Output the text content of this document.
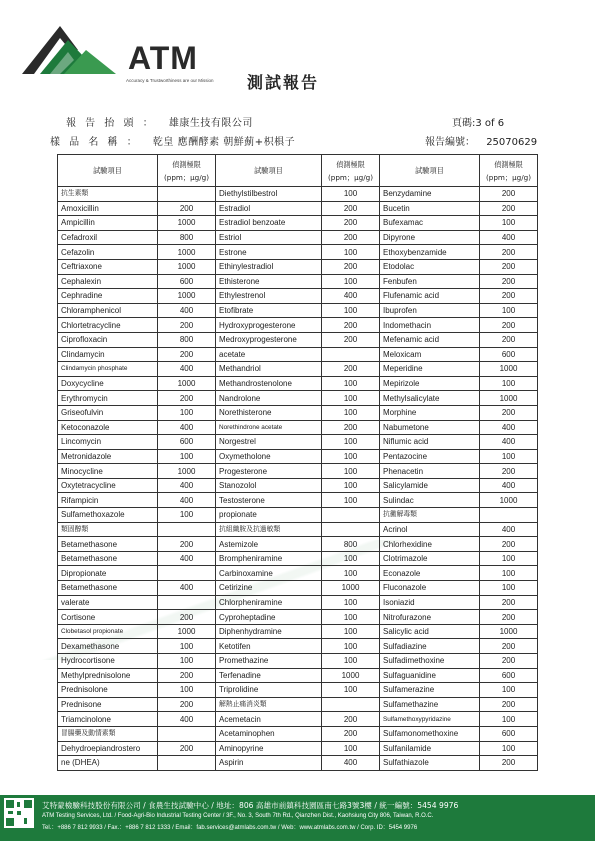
ATM
Accuracy & Trustworthiness are our Mission 測試報告
報 告 抬 頭 ： 雄康生技有限公司	頁碼:3 of 6
樣 品 名 稱 ： 乾皇 應酬酵素 朝鮮薊+枳椇子	報告編號： 25070629
試驗項目	偵測極限
(ppm；μg/g)	試驗項目	偵測極限
(ppm；μg/g)	試驗項目	偵測極限
(ppm；μg/g)
抗生素類		Diethylstilbestrol	100	Benzydamine	200
Amoxicillin	200	Estradiol	200	Bucetin	200
Ampicillin	1000	Estradiol benzoate	200	Bufexamac	100
Cefadroxil	800	Estriol	200	Dipyrone	400
Cefazolin	1000	Estrone	100	Ethoxybenzamide	200
Ceftriaxone	1000	Ethinylestradiol	200	Etodolac	200
Cephalexin	600	Ethisterone	100	Fenbufen	200
Cephradine	1000	Ethylestrenol	400	Flufenamic acid	200
Chloramphenicol	400	Etofibrate	100	Ibuprofen	100
Chlortetracycline	200	Hydroxyprogesterone	200	Indomethacin	200
Ciprofloxacin	800	Medroxyprogesterone	200	Mefenamic acid	200
Clindamycin	200	acetate		Meloxicam	600
Clindamycin phosphate	400	Methandriol	200	Meperidine	1000
Doxycycline	1000	Methandrostenolone	100	Mepirizole	100
Erythromycin	200	Nandrolone	100	Methylsalicylate	1000
Griseofulvin	100	Norethisterone	100	Morphine	200
Ketoconazole	400	Norethindrone acetate	200	Nabumetone	400
Lincomycin	600	Norgestrel	100	Niflumic acid	400
Metronidazole	100	Oxymetholone	100	Pentazocine	100
Minocycline	1000	Progesterone	100	Phenacetin	200
Oxytetracycline	400	Stanozolol	100	Salicylamide	400
Rifampicin	400	Testosterone	100	Sulindac	1000
Sulfamethoxazole	100	propionate		抗黴解毒類	
類固醇類		抗組織胺及抗過敏類		Acrinol	400
Betamethasone	200	Astemizole	800	Chlorhexidine	200
Betamethasone	400	Brompheniramine	100	Clotrimazole	100
Dipropionate		Carbinoxamine	100	Econazole	100
Betamethasone	400	Cetirizine	1000	Fluconazole	100
valerate		Chlorpheniramine	100	Isoniazid	200
Cortisone	200	Cyproheptadine	100	Nitrofurazone	200
Clobetasol propionate	1000	Diphenhydramine	100	Salicylic acid	1000
Dexamethasone	100	Ketotifen	100	Sulfadiazine	200
Hydrocortisone	100	Promethazine	100	Sulfadimethoxine	200
Methylprednisolone	200	Terfenadine	1000	Sulfaguanidine	600
Prednisolone	100	Triprolidine	100	Sulfamerazine	100
Prednisone	200	解熱止痛消炎類		Sulfamethazine	200
Triamcinolone	400	Acemetacin	200	Sulfamethoxypyridazine	100
冒腸藥及動情素類		Acetaminophen	200	Sulfamonomethoxine	600
Dehydroepiandrostero	200	Aminopyrine	100	Sulfanilamide	100
ne (DHEA)		Aspirin	400	Sulfathiazole	200
艾特蒙檢驗科技股份有限公司 / 食農生技試驗中心 / 地址：806 高雄市前鎮科技園區南七路3號3樓 / 統一編號：5454 9976
ATM Testing Services, Ltd. / Food-Agri-Bio Industrial Testing Center / 3F., No. 3, South 7th Rd., Qianzhen Dist., Kaohsiung City 806, Taiwan, R.O.C.
Tel.：+886 7 812 9933 / Fax.：+886 7 812 1333 / Email：fab.services@atmlabs.com.tw / Web：www.atmlabs.com.tw / Corp. ID：5454 9976
